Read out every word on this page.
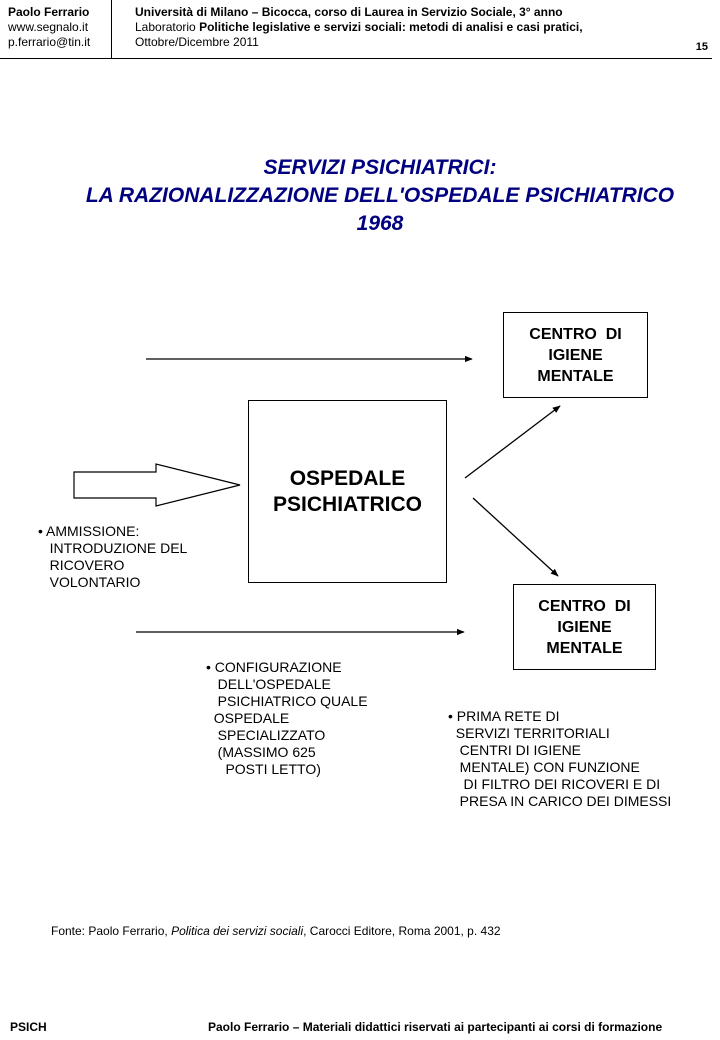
Paolo Ferrario
www.segnalo.it
p.ferrario@tin.it
Università di Milano – Bicocca, corso di Laurea in Servizio Sociale, 3° anno
Laboratorio Politiche legislative e servizi sociali: metodi di analisi e casi pratici,
Ottobre/Dicembre 2011	15
SERVIZI PSICHIATRICI:
LA RAZIONALIZZAZIONE DELL'OSPEDALE PSICHIATRICO
1968
CENTRO  DI
IGIENE
MENTALE
OSPEDALE
PSICHIATRICO
CENTRO  DI
IGIENE
MENTALE
• AMMISSIONE:
INTRODUZIONE DEL
RICOVERO
VOLONTARIO
• CONFIGURAZIONE
DELL'OSPEDALE
PSICHIATRICO QUALE
OSPEDALE
SPECIALIZZATO
(MASSIMO 625
POSTI LETTO)
• PRIMA RETE DI
SERVIZI TERRITORIALI
CENTRI DI IGIENE
MENTALE) CON FUNZIONE
DI FILTRO DEI RICOVERI E DI
PRESA IN CARICO DEI DIMESSI
Fonte: Paolo Ferrario, Politica dei servizi sociali, Carocci Editore, Roma 2001, p. 432
PSICH	Paolo Ferrario – Materiali didattici riservati ai partecipanti ai corsi di formazione
